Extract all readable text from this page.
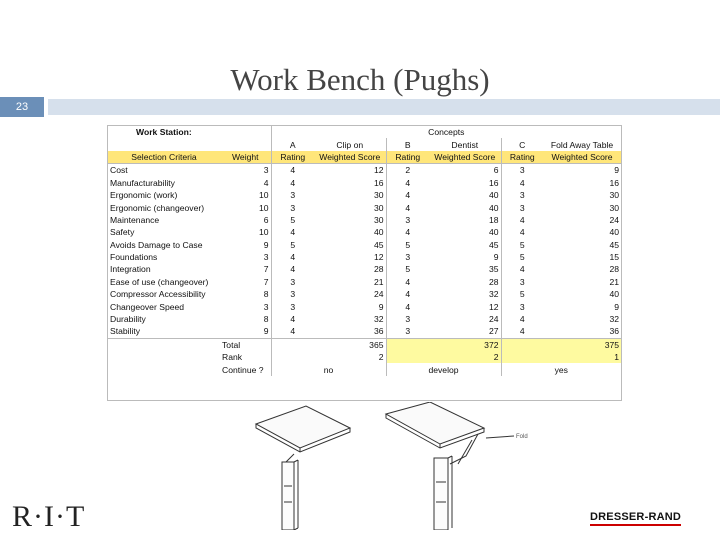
Work Bench (Pughs)
23
Work Station:		Concepts					
		A	Clip on	B	Dentist	C	Fold Away Table
Selection Criteria	Weight	Rating	Weighted Score	Rating	Weighted Score	Rating	Weighted Score
Cost	3	4	12	2	6	3	9
Manufacturability	4	4	16	4	16	4	16
Ergonomic (work)	10	3	30	4	40	3	30
Ergonomic (changeover)	10	3	30	4	40	3	30
Maintenance	6	5	30	3	18	4	24
Safety	10	4	40	4	40	4	40
Avoids Damage to Case	9	5	45	5	45	5	45
Foundations	3	4	12	3	9	5	15
Integration	7	4	28	5	35	4	28
Ease of use (changeover)	7	3	21	4	28	3	21
Compressor Accessibility	8	3	24	4	32	5	40
Changeover Speed	3	3	9	4	12	3	9
Durability	8	4	32	3	24	4	32
Stability	9	4	36	3	27	4	36
	Total		365		372		375
	Rank		2		2		1
	Continue ?	no		develop		yes	
Fold
R·I·T	DRESSER-RAND
